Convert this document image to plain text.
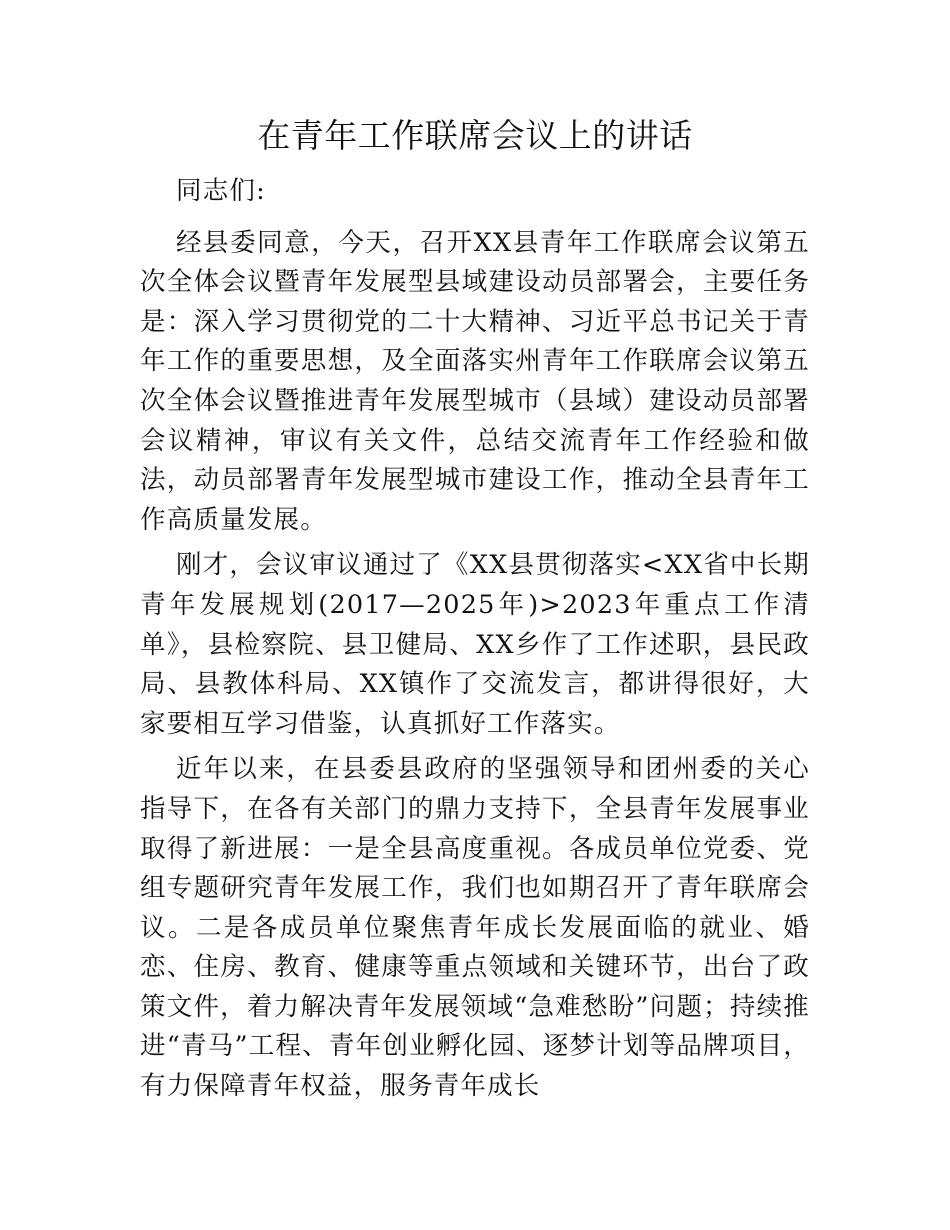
在青年工作联席会议上的讲话

同志们:

经县委同意，今天，召开XX县青年工作联席会议第五次全体会议暨青年发展型县域建设动员部署会，主要任务是：深入学习贯彻党的二十大精神、习近平总书记关于青年工作的重要思想，及全面落实州青年工作联席会议第五次全体会议暨推进青年发展型城市（县域）建设动员部署会议精神，审议有关文件，总结交流青年工作经验和做法，动员部署青年发展型城市建设工作，推动全县青年工作高质量发展。

刚才，会议审议通过了《XX县贯彻落实<XX省中长期青年发展规划(2017—2025年)>2023年重点工作清单》，县检察院、县卫健局、XX乡作了工作述职，县民政局、县教体科局、XX镇作了交流发言，都讲得很好，大家要相互学习借鉴，认真抓好工作落实。

近年以来，在县委县政府的坚强领导和团州委的关心指导下，在各有关部门的鼎力支持下，全县青年发展事业取得了新进展：一是全县高度重视。各成员单位党委、党组专题研究青年发展工作，我们也如期召开了青年联席会议。二是各成员单位聚焦青年成长发展面临的就业、婚恋、住房、教育、健康等重点领域和关键环节，出台了政策文件，着力解决青年发展领域“急难愁盼”问题；持续推进“青马”工程、青年创业孵化园、逐梦计划等品牌项目，有力保障青年权益，服务青年成长
